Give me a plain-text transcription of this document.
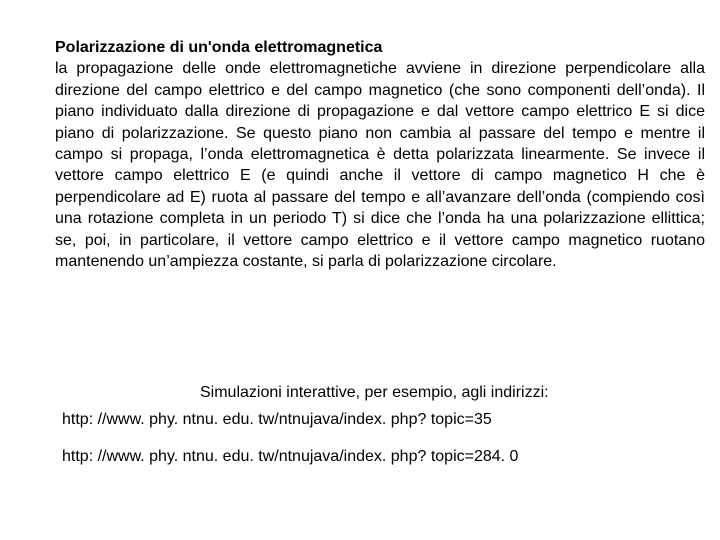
Polarizzazione di un'onda elettromagnetica
la propagazione delle onde elettromagnetiche avviene in direzione perpendicolare alla direzione del campo elettrico e del campo magnetico (che sono componenti dell’onda). Il piano individuato dalla direzione di propagazione e dal vettore campo elettrico E si dice piano di polarizzazione. Se questo piano non cambia al passare del tempo e mentre il campo si propaga, l’onda elettromagnetica è detta polarizzata linearmente. Se invece il vettore campo elettrico E (e quindi anche il vettore di campo magnetico H che è perpendicolare ad E) ruota al passare del tempo e all’avanzare dell’onda (compiendo così una rotazione completa in un periodo T) si dice che l’onda ha una polarizzazione ellittica; se, poi, in particolare, il vettore campo elettrico e il vettore campo magnetico ruotano mantenendo un’ampiezza costante, si parla di polarizzazione circolare.
Simulazioni interattive, per esempio, agli indirizzi:
http: //www. phy. ntnu. edu. tw/ntnujava/index. php? topic=35
http: //www. phy. ntnu. edu. tw/ntnujava/index. php? topic=284. 0
